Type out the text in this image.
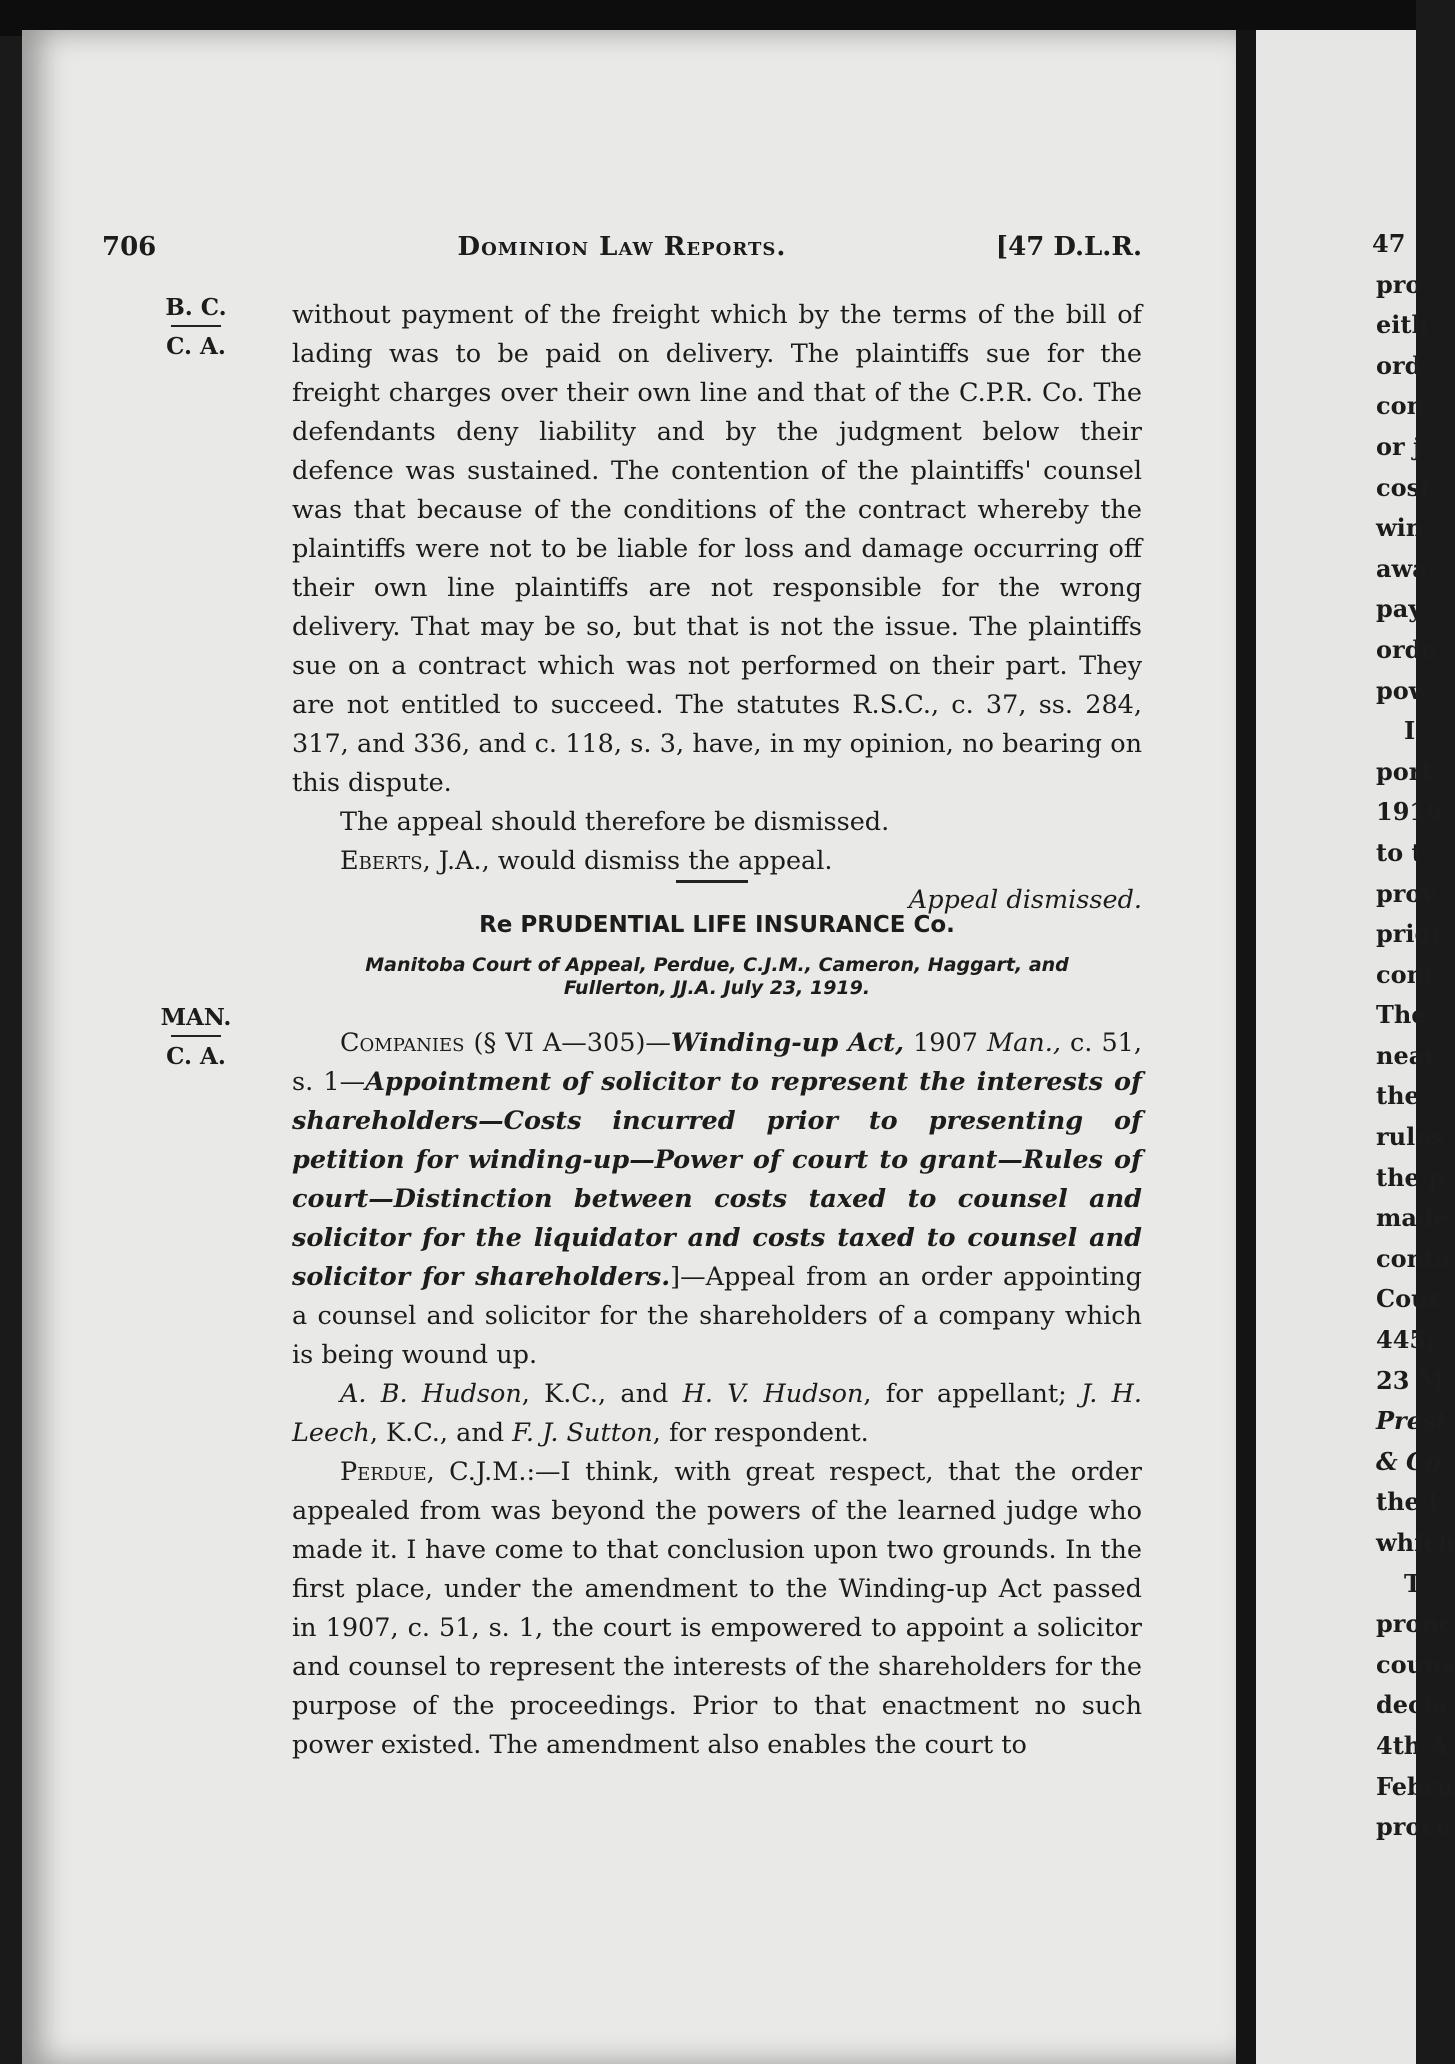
706	Dominion Law Reports.	[47 D.L.R.
B. C.
C. A.

without payment of the freight which by the terms of the bill of lading was to be paid on delivery. The plaintiffs sue for the freight charges over their own line and that of the C.P.R. Co. The defendants deny liability and by the judgment below their defence was sustained. The contention of the plaintiffs' counsel was that because of the conditions of the contract whereby the plaintiffs were not to be liable for loss and damage occurring off their own line plaintiffs are not responsible for the wrong delivery. That may be so, but that is not the issue. The plaintiffs sue on a contract which was not performed on their part. They are not entitled to succeed. The statutes R.S.C., c. 37, ss. 284, 317, and 336, and c. 118, s. 3, have, in my opinion, no bearing on this dispute.

The appeal should therefore be dismissed.

Eberts, J.A., would dismiss the appeal.

Appeal dismissed.

Re PRUDENTIAL LIFE INSURANCE Co.
Manitoba Court of Appeal, Perdue, C.J.M., Cameron, Haggart, and Fullerton, JJ.A. July 23, 1919.
MAN.
C. A.	Companies (§ VI A—305)—Winding-up Act, 1907 Man., c. 51, s. 1—Appointment of solicitor to represent the interests of shareholders—Costs incurred prior to presenting of petition for winding-up—Power of court to grant—Rules of court—Distinction between costs taxed to counsel and solicitor for the liquidator and costs taxed to counsel and solicitor for shareholders.]—Appeal from an order appointing a counsel and solicitor for the shareholders of a company which is being wound up.

A. B. Hudson, K.C., and H. V. Hudson, for appellant; J. H. Leech, K.C., and F. J. Sutton, for respondent.

Perdue, C.J.M.:—I think, with great respect, that the order appealed from was beyond the powers of the learned judge who made it. I have come to that conclusion upon two grounds. In the first place, under the amendment to the Winding-up Act passed in 1907, c. 51, s. 1, the court is empowered to appoint a solicitor and counsel to represent the interests of the shareholders for the purpose of the proceedings. Prior to that enactment no such power existed. The amendment also enables the court to

47
pro
eith
ord
con
or j
cost
win
awa
pay
orde
pow
I
port
1916
to t
prov
prior
cont
The
near
the
rules
the p
made
conta
Cour
445;
23 M
Prest
& Co
the l
which
T
pronc
couns
decla
4th A
Febru
proce
